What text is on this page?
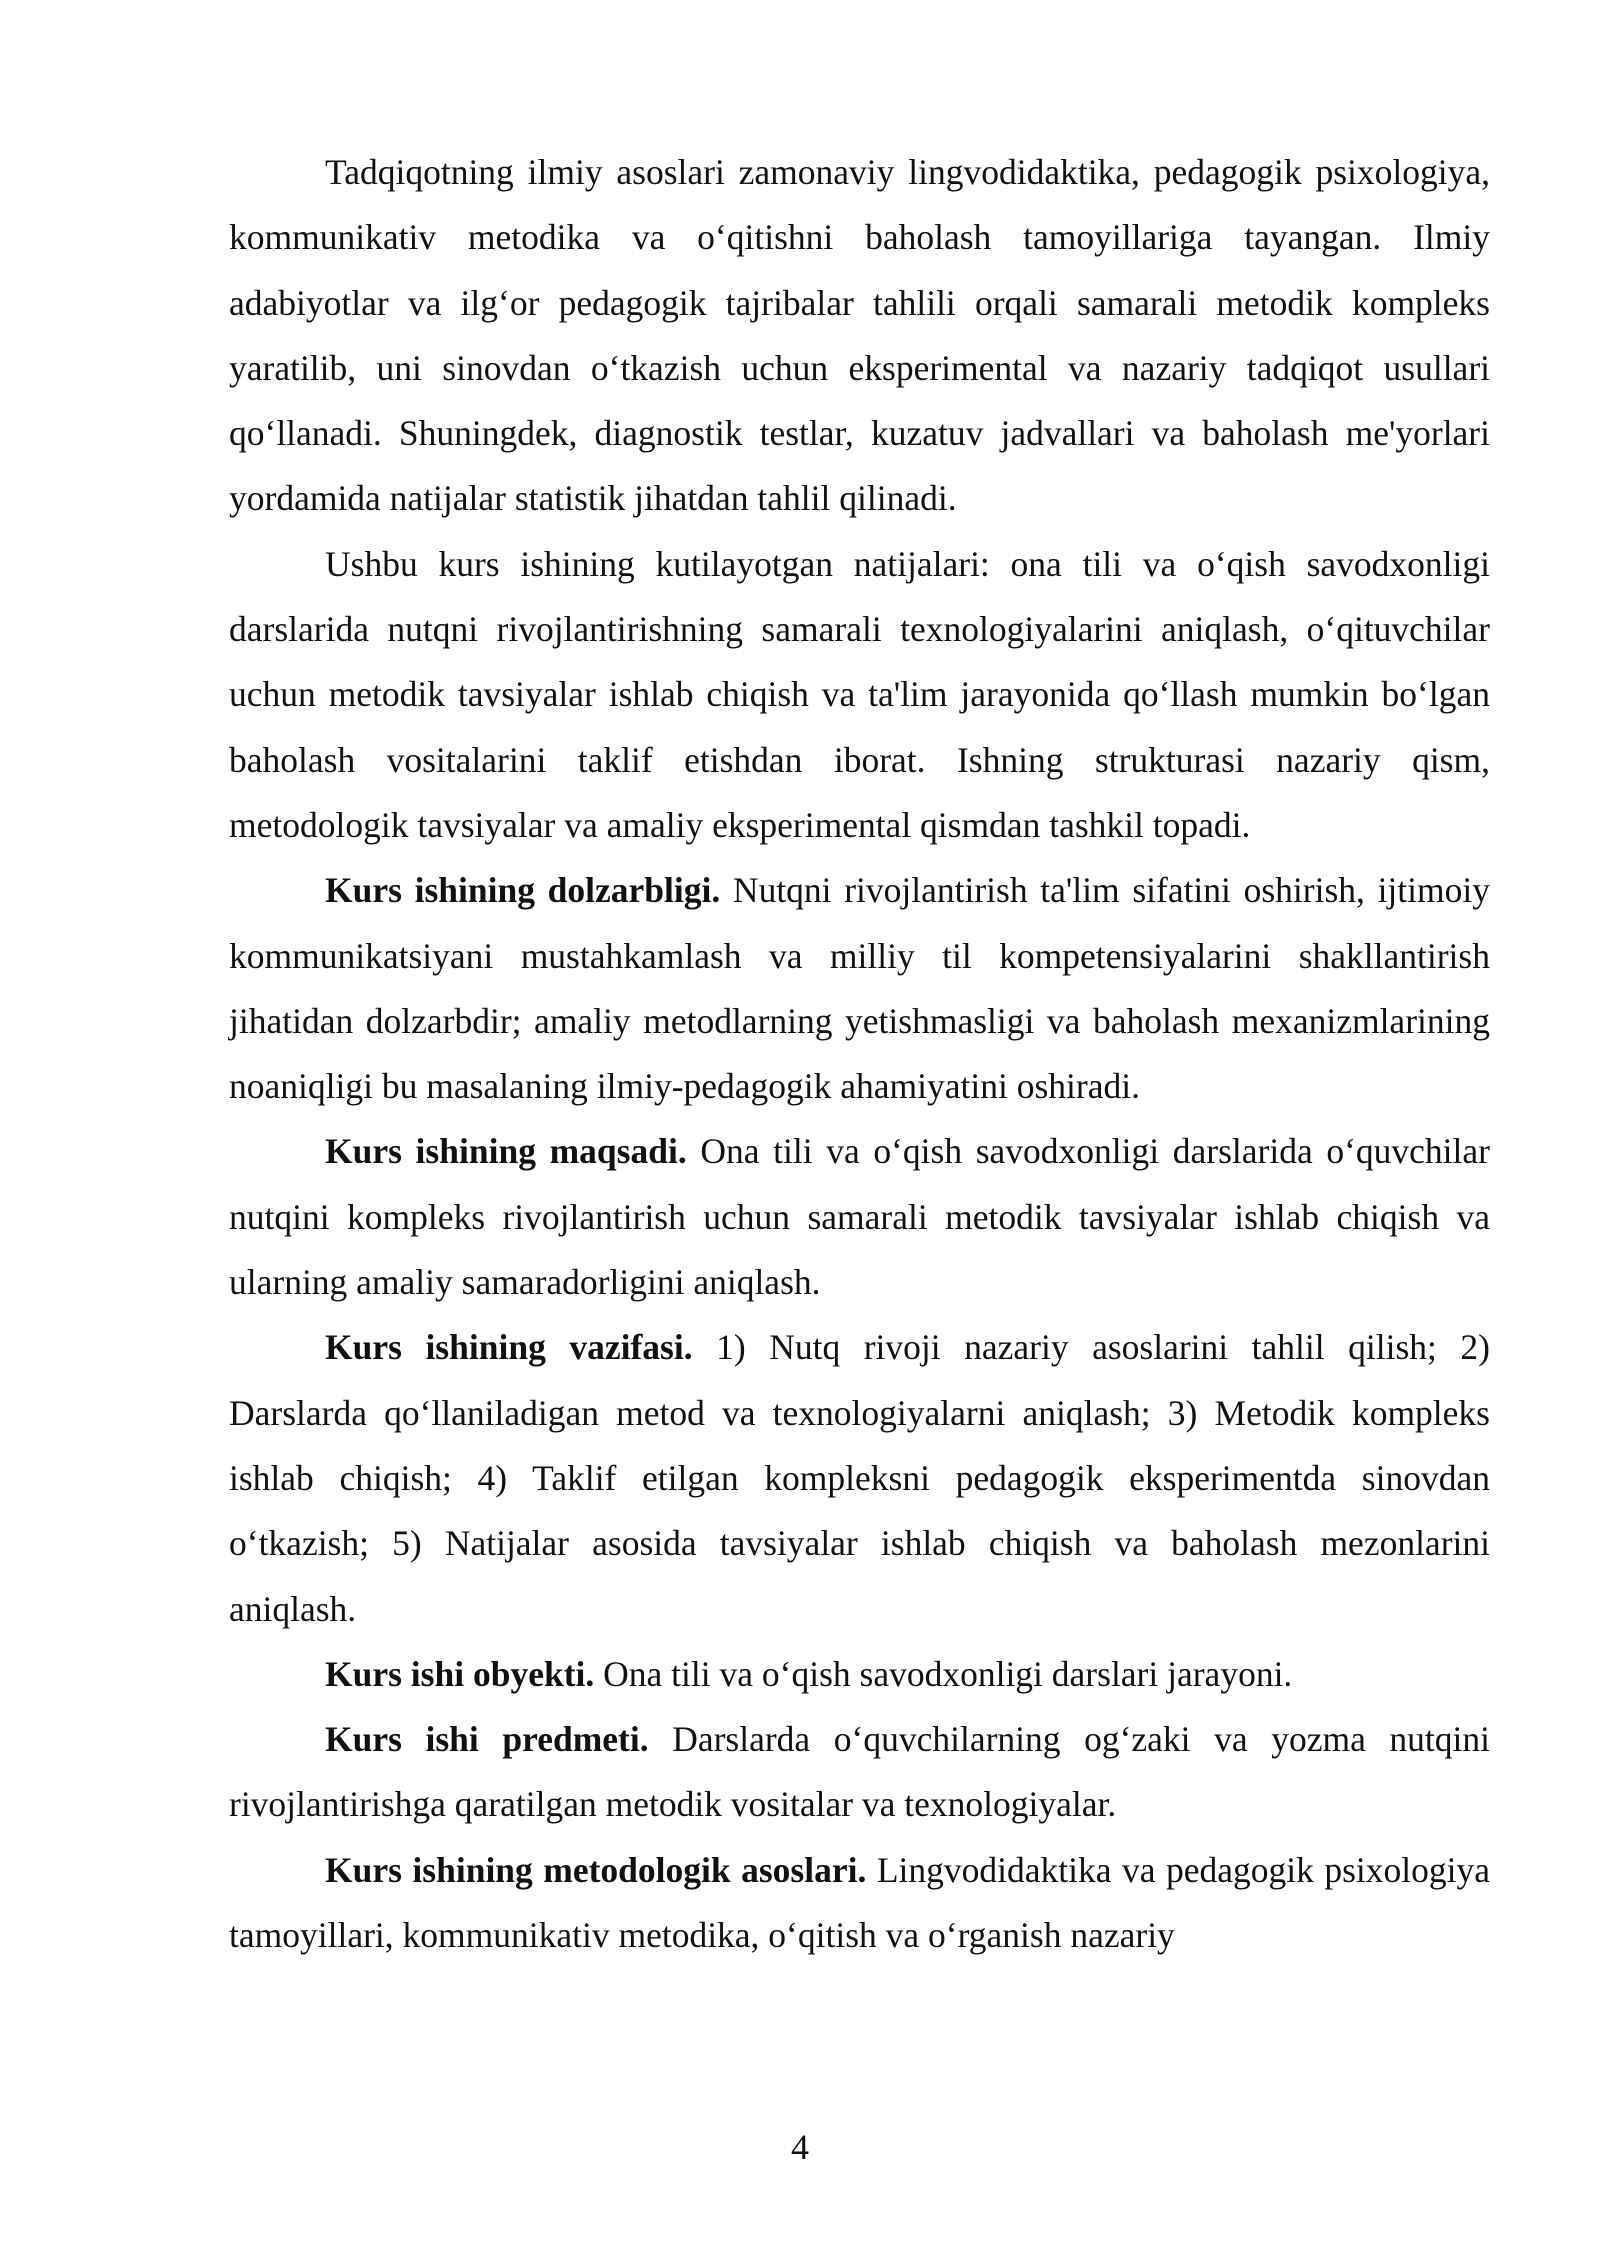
Tadqiqotning ilmiy asoslari zamonaviy lingvodidaktika, pedagogik psixologiya, kommunikativ metodika va o‘qitishni baholash tamoyillariga tayangan. Ilmiy adabiyotlar va ilg‘or pedagogik tajribalar tahlili orqali samarali metodik kompleks yaratilib, uni sinovdan o‘tkazish uchun eksperimental va nazariy tadqiqot usullari qo‘llanadi. Shuningdek, diagnostik testlar, kuzatuv jadvallari va baholash me'yorlari yordamida natijalar statistik jihatdan tahlil qilinadi.

Ushbu kurs ishining kutilayotgan natijalari: ona tili va o‘qish savodxonligi darslarida nutqni rivojlantirishning samarali texnologiyalarini aniqlash, o‘qituvchilar uchun metodik tavsiyalar ishlab chiqish va ta'lim jarayonida qo‘llash mumkin bo‘lgan baholash vositalarini taklif etishdan iborat. Ishning strukturasi nazariy qism, metodologik tavsiyalar va amaliy eksperimental qismdan tashkil topadi.

Kurs ishining dolzarbligi. Nutqni rivojlantirish ta'lim sifatini oshirish, ijtimoiy kommunikatsiyani mustahkamlash va milliy til kompetensiyalarini shakllantirish jihatidan dolzarbdir; amaliy metodlarning yetishmasligi va baholash mexanizmlarining noaniqligi bu masalaning ilmiy-pedagogik ahamiyatini oshiradi.

Kurs ishining maqsadi. Ona tili va o‘qish savodxonligi darslarida o‘quvchilar nutqini kompleks rivojlantirish uchun samarali metodik tavsiyalar ishlab chiqish va ularning amaliy samaradorligini aniqlash.

Kurs ishining vazifasi. 1) Nutq rivoji nazariy asoslarini tahlil qilish; 2) Darslarda qo‘llaniladigan metod va texnologiyalarni aniqlash; 3) Metodik kompleks ishlab chiqish; 4) Taklif etilgan kompleksni pedagogik eksperimentda sinovdan o‘tkazish; 5) Natijalar asosida tavsiyalar ishlab chiqish va baholash mezonlarini aniqlash.

Kurs ishi obyekti. Ona tili va o‘qish savodxonligi darslari jarayoni.

Kurs ishi predmeti. Darslarda o‘quvchilarning og‘zaki va yozma nutqini rivojlantirishga qaratilgan metodik vositalar va texnologiyalar.

Kurs ishining metodologik asoslari. Lingvodidaktika va pedagogik psixologiya tamoyillari, kommunikativ metodika, o‘qitish va o‘rganish nazariy

4
